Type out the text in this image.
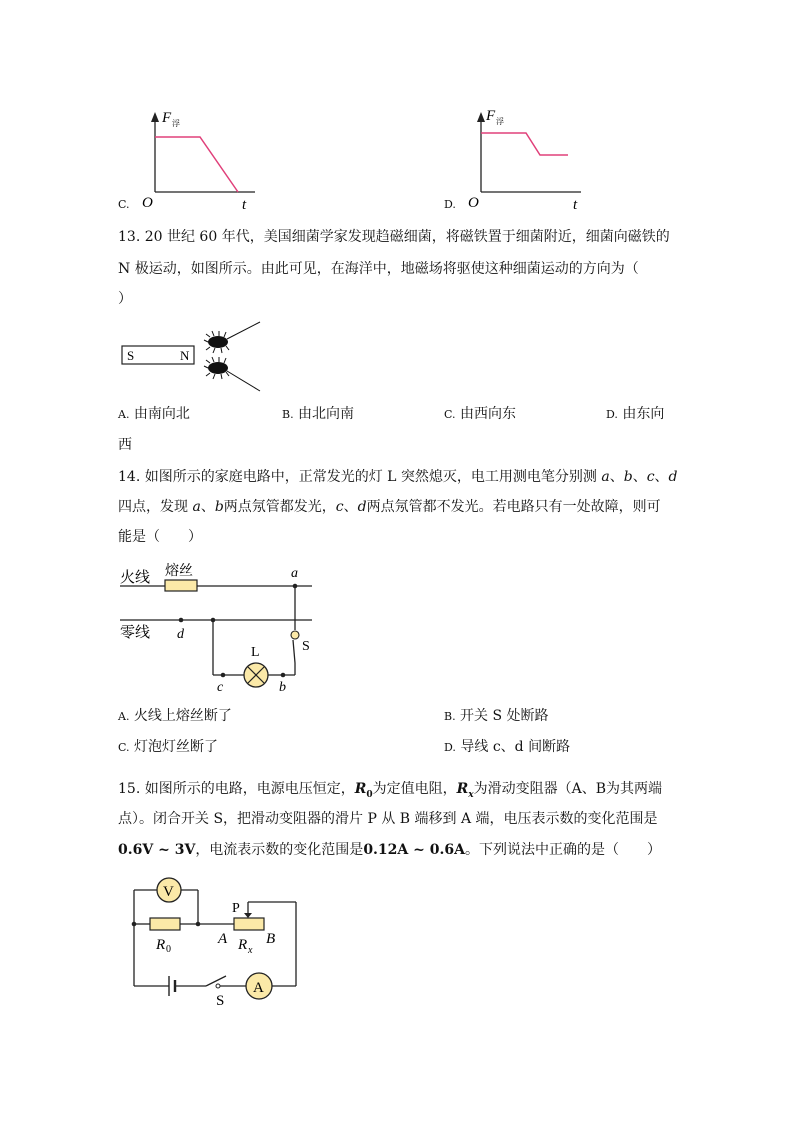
C.
F 浮
O	t	D.
F 浮
O	t
13. 20 世纪 60 年代，美国细菌学家发现趋磁细菌，将磁铁置于细菌附近，细菌向磁铁的
N 极运动，如图所示。由此可见，在海洋中，地磁场将驱使这种细菌运动的方向为（
）
S	N
A. 由南向北	B. 由北向南	C. 由西向东	D. 由东向
西
14. 如图所示的家庭电路中，正常发光的灯 L 突然熄灭，电工用测电笔分别测 a、b、c、d
四点，发现 a、b两点氖管都发光，c、d两点氖管都不发光。若电路只有一处故障，则可
能是（　　）
火线 熔丝	a
零线 d
c
L
b
S
A. 火线上熔丝断了	B. 开关 S 处断路
C. 灯泡灯丝断了	D. 导线 c、d 间断路
15. 如图所示的电路，电源电压恒定，$R_0$为定值电阻，$R_x$为滑动变阻器（A、B为其两端
点）。闭合开关 S，把滑动变阻器的滑片 P 从 B 端移到 A 端，电压表示数的变化范围是
0.6V ~ 3V，电流表示数的变化范围是0.12A ~ 0.6A。下列说法中正确的是（　　）
V
R 0
A
P
R x
B
S
A
